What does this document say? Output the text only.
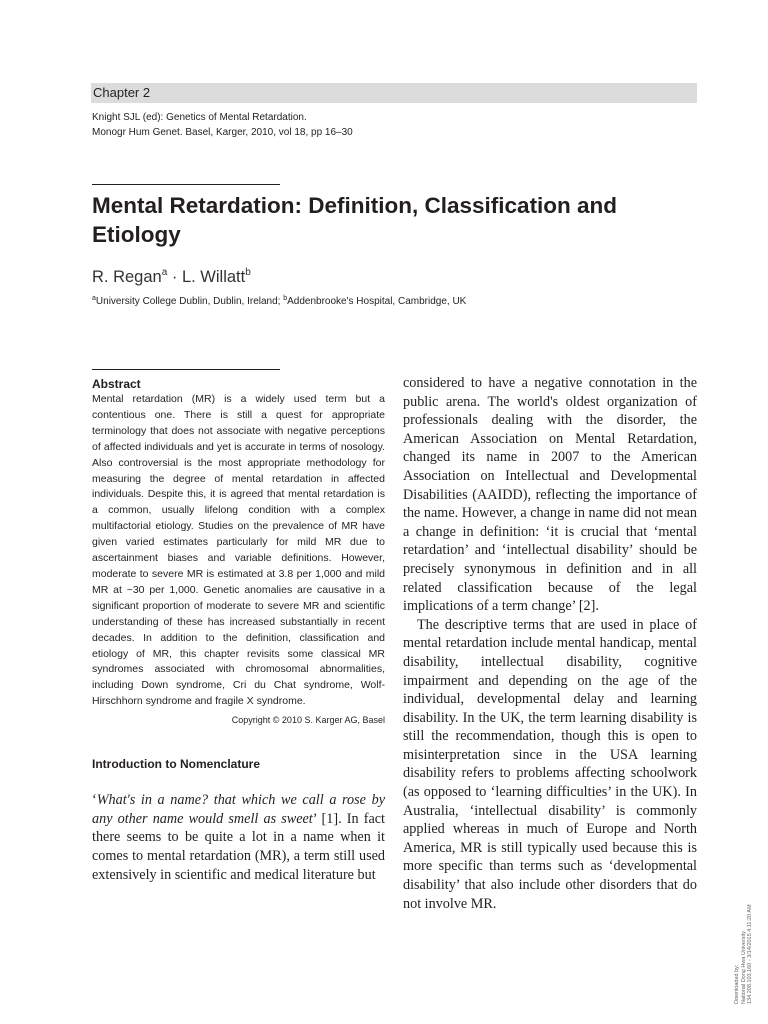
Chapter 2
Knight SJL (ed): Genetics of Mental Retardation.
Monogr Hum Genet. Basel, Karger, 2010, vol 18, pp 16–30
Mental Retardation: Definition, Classification and Etiology
R. Regan$^a$ · L. Willatt$^b$
$^a$University College Dublin, Dublin, Ireland; $^b$Addenbrooke's Hospital, Cambridge, UK

Abstract

Mental retardation (MR) is a widely used term but a contentious one. There is still a quest for appropriate terminology that does not associate with negative perceptions of affected individuals and yet is accurate in terms of nosology. Also controversial is the most appropriate methodology for measuring the degree of mental retardation in affected individuals. Despite this, it is agreed that mental retardation is a common, usually lifelong condition with a complex multifactorial etiology. Studies on the prevalence of MR have given varied estimates particularly for mild MR due to ascertainment biases and variable definitions. However, moderate to severe MR is estimated at 3.8 per 1,000 and mild MR at ~30 per 1,000. Genetic anomalies are causative in a significant proportion of moderate to severe MR and scientific understanding of these has increased substantially in recent decades. In addition to the definition, classification and etiology of MR, this chapter revisits some classical MR syndromes associated with chromosomal abnormalities, including Down syndrome, Cri du Chat syndrome, Wolf-Hirschhorn syndrome and fragile X syndrome.

Copyright © 2010 S. Karger AG, Basel

Introduction to Nomenclature

‘What's in a name? that which we call a rose by any other name would smell as sweet’ [1]. In fact there seems to be quite a lot in a name when it comes to mental retardation (MR), a term still used extensively in scientific and medical literature but

considered to have a negative connotation in the public arena. The world's oldest organization of professionals dealing with the disorder, the American Association on Mental Retardation, changed its name in 2007 to the American Association on Intellectual and Developmental Disabilities (AAIDD), reflecting the importance of the name. However, a change in name did not mean a change in definition: ‘it is crucial that ‘mental retardation’ and ‘intellectual disability’ should be precisely synonymous in definition and in all related classification because of the legal implications of a term change’ [2].

The descriptive terms that are used in place of mental retardation include mental handicap, mental disability, intellectual disability, cognitive impairment and depending on the age of the individual, developmental delay and learning disability. In the UK, the term learning disability is still the recommendation, though this is open to misinterpretation since in the USA learning disability refers to problems affecting schoolwork (as opposed to ‘learning difficulties’ in the UK). In Australia, ‘intellectual disability’ is commonly applied whereas in much of Europe and North America, MR is still typically used because this is more specific than terms such as ‘developmental disability’ that also include other disorders that do not involve MR.

Downloaded by: National Dong Hwa University 134.208.103.160 - 3/14/2015 4:11:20 AM
